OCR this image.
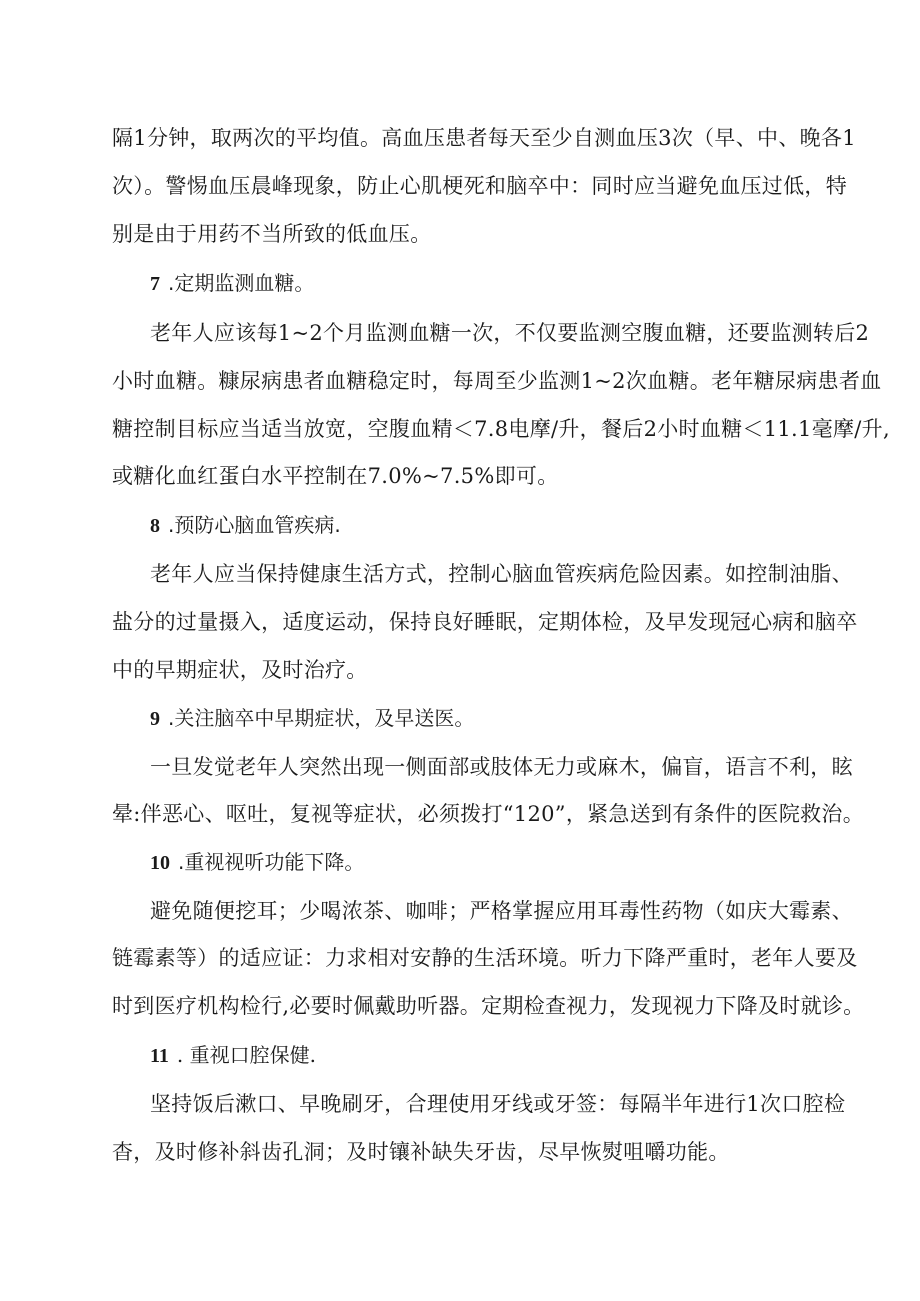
隔1分钟，取两次的平均值。高血压患者每天至少自测血压3次（早、中、晚各1
次）。警惕血压晨峰现象，防止心肌梗死和脑卒中：同时应当避免血压过低，特
别是由于用药不当所致的低血压。
7 .定期监测血糖。
老年人应该每1~2个月监测血糖一次，不仅要监测空腹血糖，还要监测转后2
小时血糖。糠尿病患者血糖稳定时，每周至少监测1~2次血糖。老年糖尿病患者血
糖控制目标应当适当放宽，空腹血精＜7.8电摩/升，餐后2小时血糖＜11.1毫摩/升,
或糖化血红蛋白水平控制在7.0%~7.5%即可。
8 .预防心脑血管疾病.
老年人应当保持健康生活方式，控制心脑血管疾病危险因素。如控制油脂、
盐分的过量摄入，适度运动，保持良好睡眠，定期体检，及早发现冠心病和脑卒
中的早期症状，及时治疗。
9 .关注脑卒中早期症状，及早送医。
一旦发觉老年人突然出现一侧面部或肢体无力或麻木，偏盲，语言不利，眩
晕:伴恶心、呕吐，复视等症状，必须拨打“120”，紧急送到有条件的医院救治。
10 .重视视听功能下降。
避免随便挖耳；少喝浓茶、咖啡；严格掌握应用耳毒性药物（如庆大霉素、
链霉素等）的适应证：力求相对安静的生活环境。听力下降严重时，老年人要及
时到医疗机构检行,必要时佩戴助听器。定期检查视力，发现视力下降及时就诊。
11 . 重视口腔保健.
坚持饭后漱口、早晚刷牙，合理使用牙线或牙签：每隔半年进行1次口腔检
杳，及时修补斜齿孔洞；及时镶补缺失牙齿，尽早恢熨咀嚼功能。
